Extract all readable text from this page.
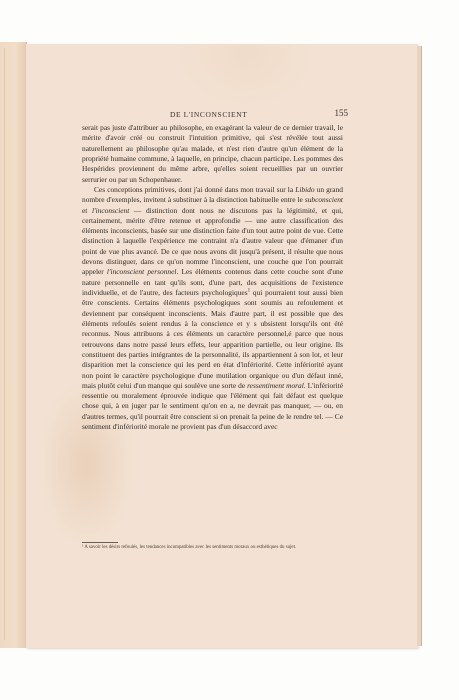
DE L'INCONSCIENT	155

serait pas juste d'attribuer au philosophe, en exagérant la valeur de ce dernier travail, le mérite d'avoir créé ou construit l'intuition primitive, qui s'est révélée tout aussi naturellement au philosophe qu'au malade, et n'est rien d'autre qu'un élément de la propriété humaine commune, à laquelle, en principe, chacun participe. Les pommes des Hespérides proviennent du même arbre, qu'elles soient recueillies par un ouvrier serrurier ou par un Schopenhauer.

Ces conceptions primitives, dont j'ai donné dans mon travail sur la Libido un grand nombre d'exemples, invitent à substituer à la distinction habituelle entre le subconscient et l'inconscient — distinction dont nous ne discutons pas la légitimité, et qui, certainement, mérite d'être retenue et approfondie — une autre classification des éléments inconscients, basée sur une distinction faite d'un tout autre point de vue. Cette distinction à laquelle l'expérience me contraint n'a d'autre valeur que d'émaner d'un point de vue plus avancé. De ce que nous avons dit jusqu'à présent, il résulte que nous devons distinguer, dans ce qu'on nomme l'inconscient, une couche que l'on pourrait appeler l'inconscient personnel. Les éléments contenus dans cette couche sont d'une nature personnelle en tant qu'ils sont, d'une part, des acquisitions de l'existence individuelle, et de l'autre, des facteurs psychologiques$^1$ qui pourraient tout aussi bien être conscients. Certains éléments psychologiques sont soumis au refoulement et deviennent par conséquent inconscients. Mais d'autre part, il est possible que des éléments refoulés soient rendus à la conscience et y s ubsistent lorsqu'ils ont été reconnus. Nous attribuons à ces éléments un caractère personnel,é parce que nous retrouvons dans notre passé leurs effets, leur apparition partielle, ou leur origine. Ils constituent des parties intégrantes de la personnalité, ils appartiennent à son lot, et leur disparition met la conscience qui les perd en état d'infériorité. Cette infériorité ayant non point le caractère psychologique d'une mutilation organique ou d'un défaut inné, mais plutôt celui d'un manque qui soulève une sorte de ressentiment moral. L'infériorité ressentie ou moralement éprouvée indique que l'élément qui fait défaut est quelque chose qui, à en juger par le sentiment qu'on en a, ne devrait pas manquer, — ou, en d'autres termes, qu'il pourrait être conscient si on prenait la peine de le rendre tel. — Ce sentiment d'infériorité morale ne provient pas d'un désaccord avec

¹ A savoir les désirs refoulés, les tendances incompatibles avec les sentiments moraux ou esthétiques du sujet.
